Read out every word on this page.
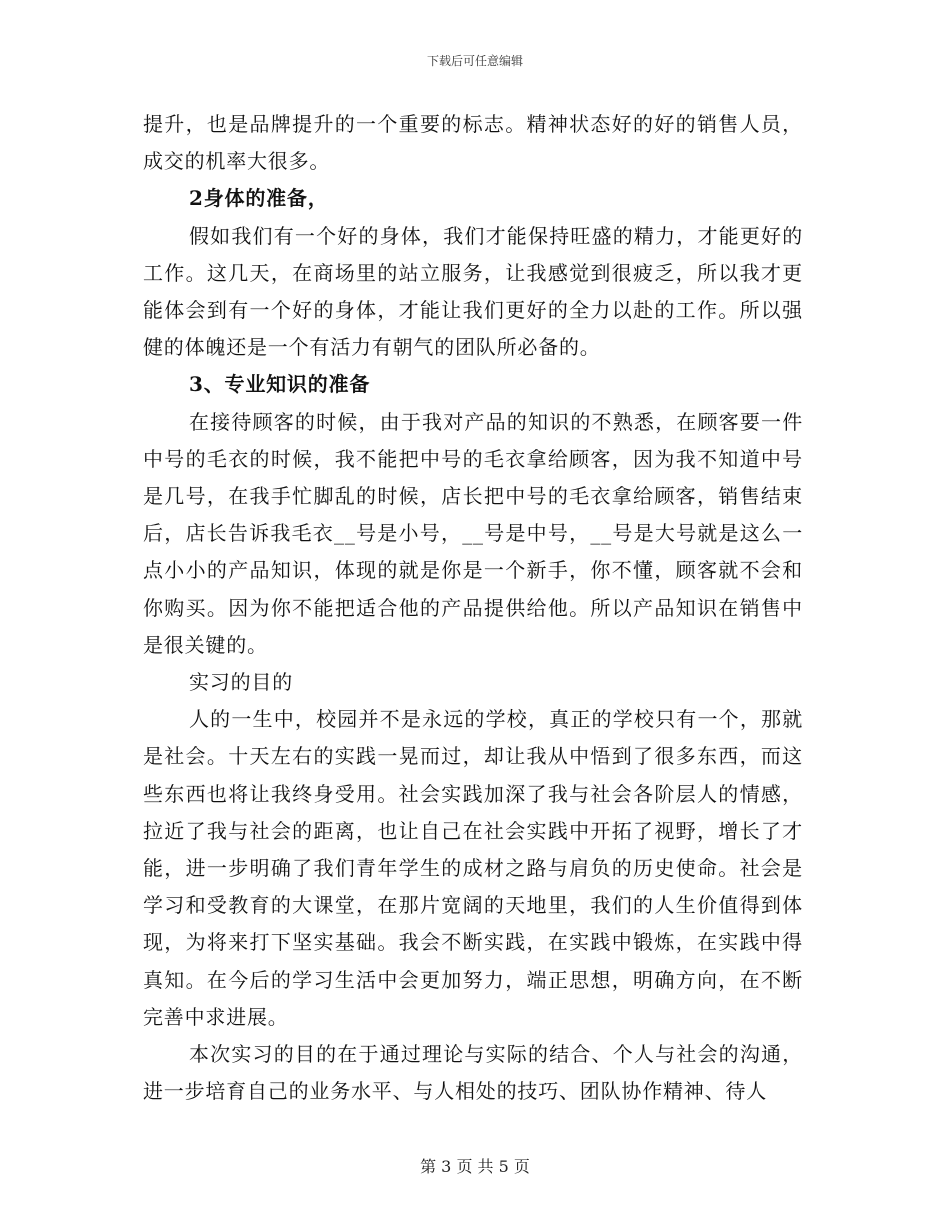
下载后可任意编辑

提升，也是品牌提升的一个重要的标志。精神状态好的好的销售人员，成交的机率大很多。

2身体的准备，

假如我们有一个好的身体，我们才能保持旺盛的精力，才能更好的工作。这几天，在商场里的站立服务，让我感觉到很疲乏，所以我才更能体会到有一个好的身体，才能让我们更好的全力以赴的工作。所以强健的体魄还是一个有活力有朝气的团队所必备的。

3、专业知识的准备

在接待顾客的时候，由于我对产品的知识的不熟悉，在顾客要一件中号的毛衣的时候，我不能把中号的毛衣拿给顾客，因为我不知道中号是几号，在我手忙脚乱的时候，店长把中号的毛衣拿给顾客，销售结束后，店长告诉我毛衣__号是小号，__号是中号，__号是大号就是这么一点小小的产品知识，体现的就是你是一个新手，你不懂，顾客就不会和你购买。因为你不能把适合他的产品提供给他。所以产品知识在销售中是很关键的。

实习的目的

人的一生中，校园并不是永远的学校，真正的学校只有一个，那就是社会。十天左右的实践一晃而过，却让我从中悟到了很多东西，而这些东西也将让我终身受用。社会实践加深了我与社会各阶层人的情感，拉近了我与社会的距离，也让自己在社会实践中开拓了视野，增长了才能，进一步明确了我们青年学生的成材之路与肩负的历史使命。社会是学习和受教育的大课堂，在那片宽阔的天地里，我们的人生价值得到体现，为将来打下坚实基础。我会不断实践，在实践中锻炼，在实践中得真知。在今后的学习生活中会更加努力，端正思想，明确方向，在不断完善中求进展。

本次实习的目的在于通过理论与实际的结合、个人与社会的沟通，进一步培育自己的业务水平、与人相处的技巧、团队协作精神、待人

第 3 页 共 5 页
